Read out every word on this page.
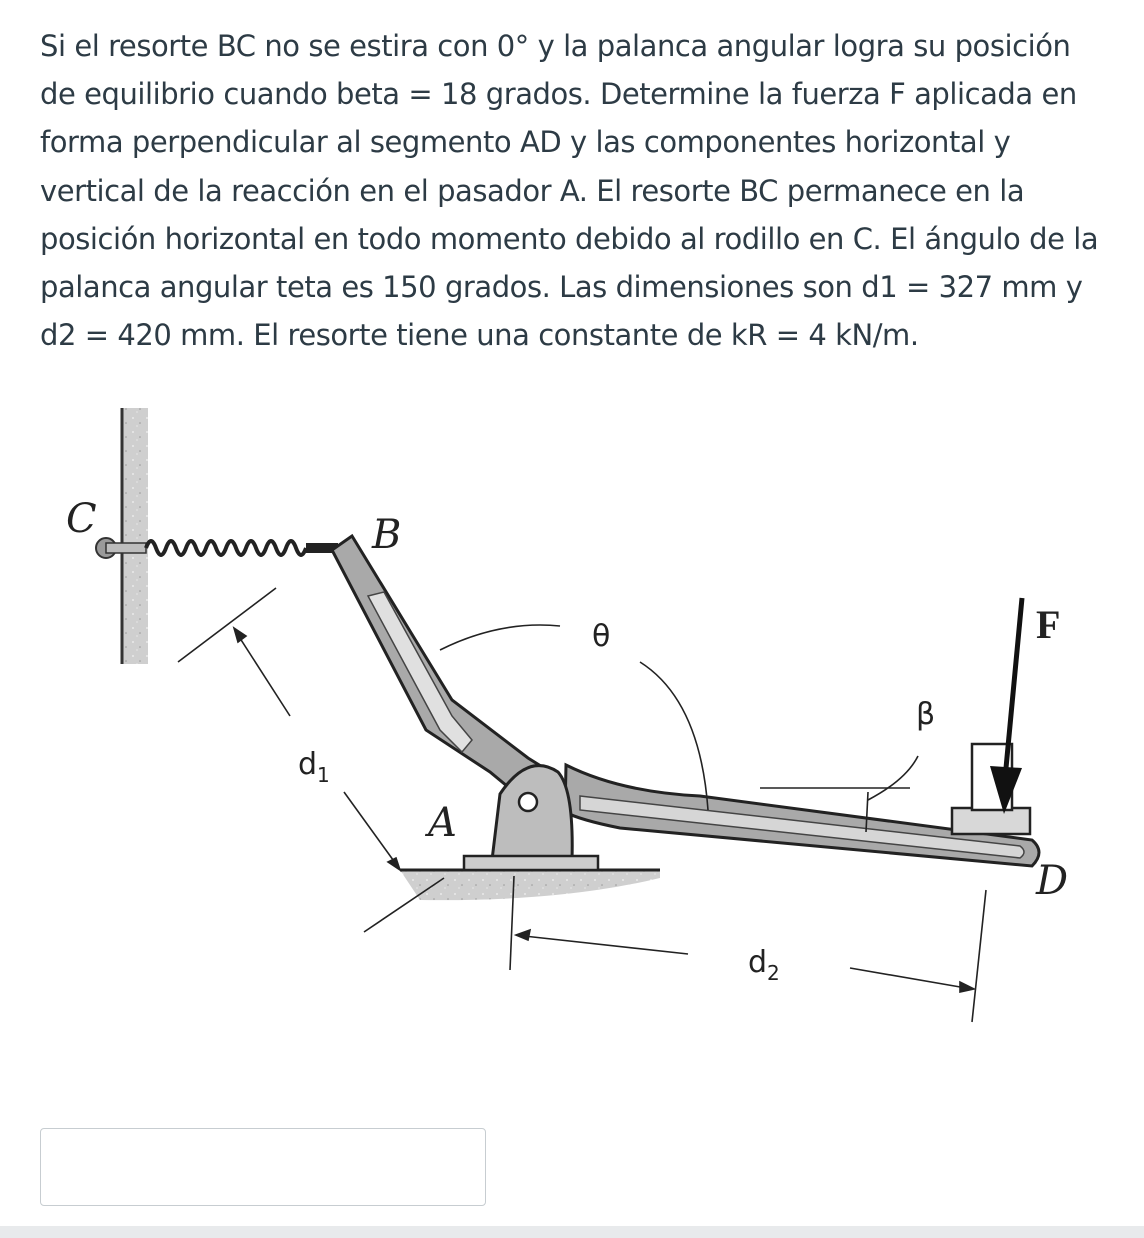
Si el resorte BC no se estira con 0° y la palanca angular logra su posición de equilibrio cuando beta = 18 grados. Determine la fuerza F aplicada en forma perpendicular al segmento AD y las componentes horizontal y vertical de la reacción en el pasador A. El resorte BC permanece en la posición horizontal en todo momento debido al rodillo en C. El ángulo de la palanca angular teta es 150 grados. Las dimensiones son d1 = 327 mm y d2 = 420 mm. El resorte tiene una constante de kR = 4 kN/m.
C	B
A
D
F
θ
β
$d_1$
$d_2$
